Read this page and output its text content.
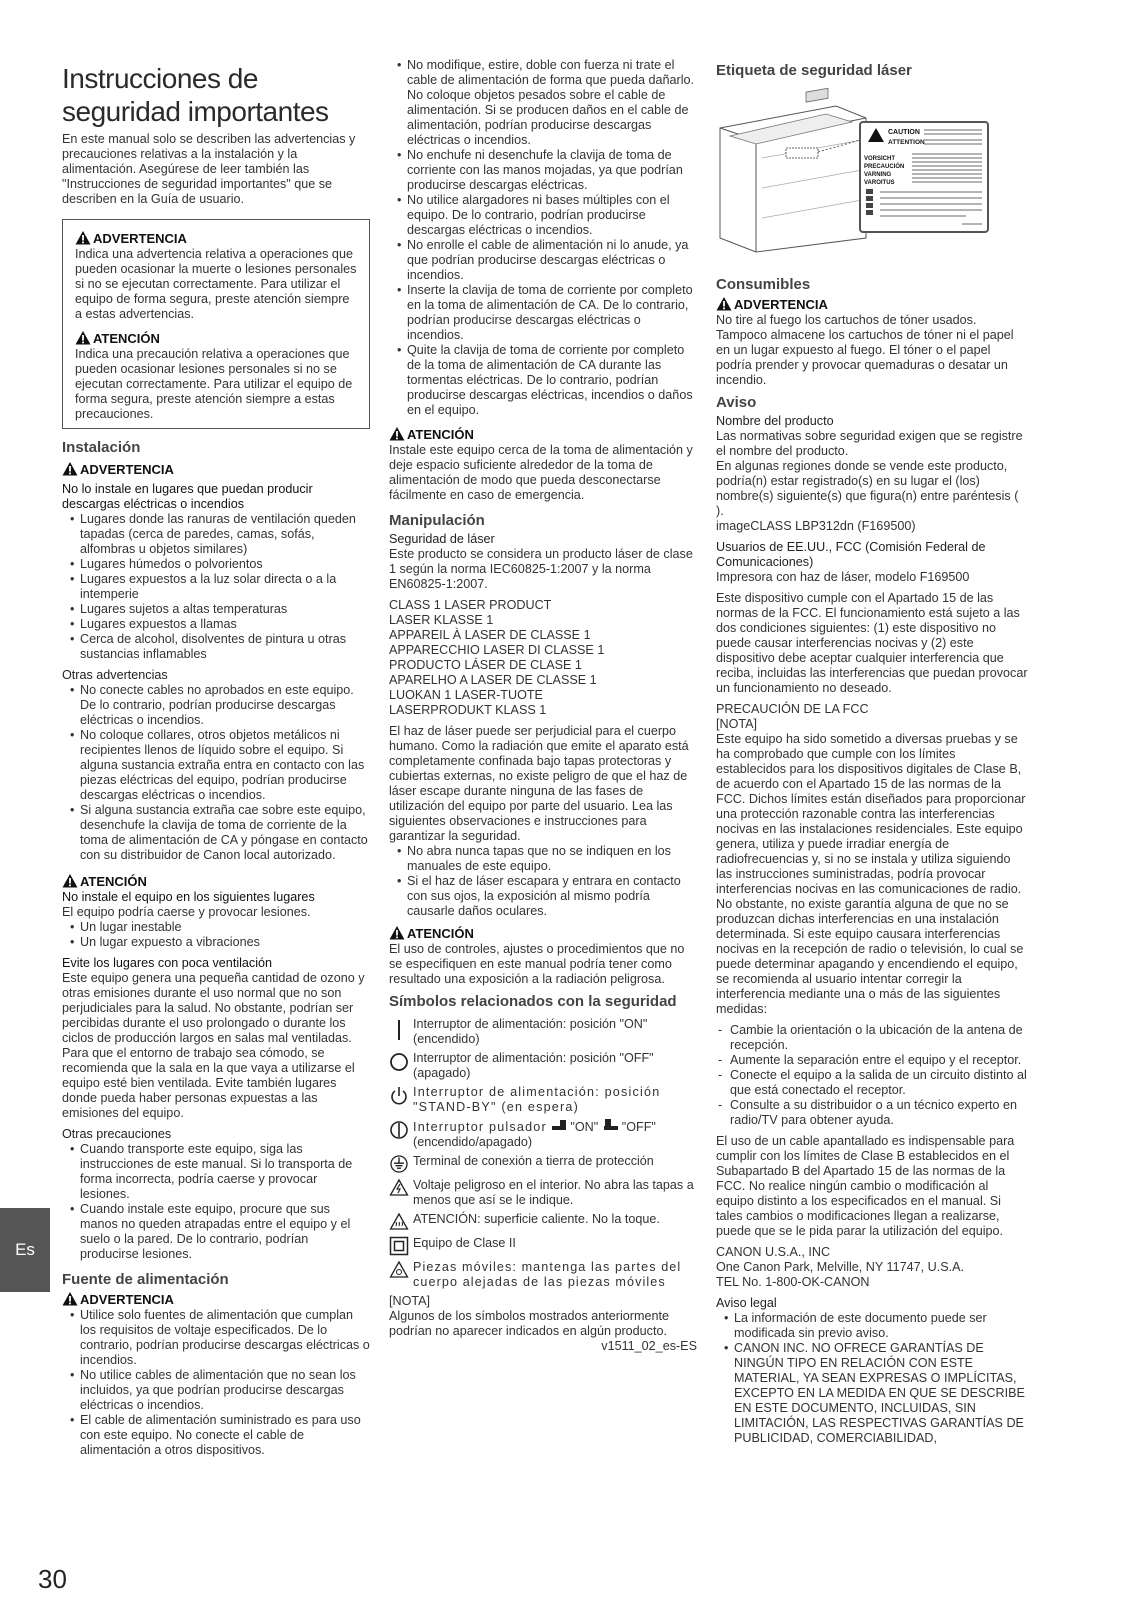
Instrucciones de seguridad importantes

En este manual solo se describen las advertencias y precauciones relativas a la instalación y la alimentación. Asegúrese de leer también las "Instrucciones de seguridad importantes" que se describen en la Guía de usuario.

ADVERTENCIA

Indica una advertencia relativa a operaciones que pueden ocasionar la muerte o lesiones personales si no se ejecutan correctamente. Para utilizar el equipo de forma segura, preste atención siempre a estas advertencias.

ATENCIÓN

Indica una precaución relativa a operaciones que pueden ocasionar lesiones personales si no se ejecutan correctamente. Para utilizar el equipo de forma segura, preste atención siempre a estas precauciones.

Instalación
ADVERTENCIA
No lo instale en lugares que puedan producir descargas eléctricas o incendios
• Lugares donde las ranuras de ventilación queden tapadas (cerca de paredes, camas, sofás, alfombras u objetos similares)
• Lugares húmedos o polvorientos
• Lugares expuestos a la luz solar directa o a la intemperie
• Lugares sujetos a altas temperaturas
• Lugares expuestos a llamas
• Cerca de alcohol, disolventes de pintura u otras sustancias inflamables
Otras advertencias
• No conecte cables no aprobados en este equipo. De lo contrario, podrían producirse descargas eléctricas o incendios.
• No coloque collares, otros objetos metálicos ni recipientes llenos de líquido sobre el equipo. Si alguna sustancia extraña entra en contacto con las piezas eléctricas del equipo, podrían producirse descargas eléctricas o incendios.
• Si alguna sustancia extraña cae sobre este equipo, desenchufe la clavija de toma de corriente de la toma de alimentación de CA y póngase en contacto con su distribuidor de Canon local autorizado.
ATENCIÓN
No instale el equipo en los siguientes lugares

El equipo podría caerse y provocar lesiones.

• Un lugar inestable
• Un lugar expuesto a vibraciones
Evite los lugares con poca ventilación

Este equipo genera una pequeña cantidad de ozono y otras emisiones durante el uso normal que no son perjudiciales para la salud. No obstante, podrían ser percibidas durante el uso prolongado o durante los ciclos de producción largos en salas mal ventiladas. Para que el entorno de trabajo sea cómodo, se recomienda que la sala en la que vaya a utilizarse el equipo esté bien ventilada. Evite también lugares donde pueda haber personas expuestas a las emisiones del equipo.

Otras precauciones
• Cuando transporte este equipo, siga las instrucciones de este manual. Si lo transporta de forma incorrecta, podría caerse y provocar lesiones.
• Cuando instale este equipo, procure que sus manos no queden atrapadas entre el equipo y el suelo o la pared. De lo contrario, podrían producirse lesiones.
Fuente de alimentación
ADVERTENCIA
• Utilice solo fuentes de alimentación que cumplan los requisitos de voltaje especificados. De lo contrario, podrían producirse descargas eléctricas o incendios.
• No utilice cables de alimentación que no sean los incluidos, ya que podrían producirse descargas eléctricas o incendios.
• El cable de alimentación suministrado es para uso con este equipo. No conecte el cable de alimentación a otros dispositivos.
• No modifique, estire, doble con fuerza ni trate el cable de alimentación de forma que pueda dañarlo. No coloque objetos pesados sobre el cable de alimentación. Si se producen daños en el cable de alimentación, podrían producirse descargas eléctricas o incendios.
• No enchufe ni desenchufe la clavija de toma de corriente con las manos mojadas, ya que podrían producirse descargas eléctricas.
• No utilice alargadores ni bases múltiples con el equipo. De lo contrario, podrían producirse descargas eléctricas o incendios.
• No enrolle el cable de alimentación ni lo anude, ya que podrían producirse descargas eléctricas o incendios.
• Inserte la clavija de toma de corriente por completo en la toma de alimentación de CA. De lo contrario, podrían producirse descargas eléctricas o incendios.
• Quite la clavija de toma de corriente por completo de la toma de alimentación de CA durante las tormentas eléctricas. De lo contrario, podrían producirse descargas eléctricas, incendios o daños en el equipo.
ATENCIÓN

Instale este equipo cerca de la toma de alimentación y deje espacio suficiente alrededor de la toma de alimentación de modo que pueda desconectarse fácilmente en caso de emergencia.

Manipulación
Seguridad de láser

Este producto se considera un producto láser de clase 1 según la norma IEC60825-1:2007 y la norma EN60825-1:2007.

CLASS 1 LASER PRODUCT
LASER KLASSE 1
APPAREIL À LASER DE CLASSE 1
APPARECCHIO LASER DI CLASSE 1
PRODUCTO LÁSER DE CLASE 1
APARELHO A LASER DE CLASSE 1
LUOKAN 1 LASER-TUOTE
LASERPRODUKT KLASS 1

El haz de láser puede ser perjudicial para el cuerpo humano. Como la radiación que emite el aparato está completamente confinada bajo tapas protectoras y cubiertas externas, no existe peligro de que el haz de láser escape durante ninguna de las fases de utilización del equipo por parte del usuario. Lea las siguientes observaciones e instrucciones para garantizar la seguridad.

• No abra nunca tapas que no se indiquen en los manuales de este equipo.
• Si el haz de láser escapara y entrara en contacto con sus ojos, la exposición al mismo podría causarle daños oculares.
ATENCIÓN

El uso de controles, ajustes o procedimientos que no se especifiquen en este manual podría tener como resultado una exposición a la radiación peligrosa.

Símbolos relacionados con la seguridad
Interruptor de alimentación: posición "ON" (encendido)
Interruptor de alimentación: posición "OFF" (apagado)
Interruptor de alimentación: posición "STAND-BY" (en espera)
Interruptor pulsador "ON" "OFF"
(encendido/apagado)
Terminal de conexión a tierra de protección
Voltaje peligroso en el interior. No abra las tapas a menos que así se le indique.
ATENCIÓN: superficie caliente. No la toque.
Equipo de Clase II
Piezas móviles: mantenga las partes del cuerpo alejadas de las piezas móviles

[NOTA]

Algunos de los símbolos mostrados anteriormente podrían no aparecer indicados en algún producto.

v1511_02_es-ES

Etiqueta de seguridad láser
CAUTION
ATTENTION
VORSICHT
PRECAUCIÓN
VARNING
VAROITUS
Consumibles
ADVERTENCIA

No tire al fuego los cartuchos de tóner usados. Tampoco almacene los cartuchos de tóner ni el papel en un lugar expuesto al fuego. El tóner o el papel podría prender y provocar quemaduras o desatar un incendio.

Aviso
Nombre del producto

Las normativas sobre seguridad exigen que se registre el nombre del producto.
En algunas regiones donde se vende este producto, podría(n) estar registrado(s) en su lugar el (los) nombre(s) siguiente(s) que figura(n) entre paréntesis ( ).

imageCLASS LBP312dn (F169500)

Usuarios de EE.UU., FCC (Comisión Federal de Comunicaciones)

Impresora con haz de láser, modelo F169500

Este dispositivo cumple con el Apartado 15 de las normas de la FCC. El funcionamiento está sujeto a las dos condiciones siguientes: (1) este dispositivo no puede causar interferencias nocivas y (2) este dispositivo debe aceptar cualquier interferencia que reciba, incluidas las interferencias que puedan provocar un funcionamiento no deseado.

PRECAUCIÓN DE LA FCC

[NOTA]

Este equipo ha sido sometido a diversas pruebas y se ha comprobado que cumple con los límites establecidos para los dispositivos digitales de Clase B, de acuerdo con el Apartado 15 de las normas de la FCC. Dichos límites están diseñados para proporcionar una protección razonable contra las interferencias nocivas en las instalaciones residenciales. Este equipo genera, utiliza y puede irradiar energía de radiofrecuencias y, si no se instala y utiliza siguiendo las instrucciones suministradas, podría provocar interferencias nocivas en las comunicaciones de radio. No obstante, no existe garantía alguna de que no se produzcan dichas interferencias en una instalación determinada. Si este equipo causara interferencias nocivas en la recepción de radio o televisión, lo cual se puede determinar apagando y encendiendo el equipo, se recomienda al usuario intentar corregir la interferencia mediante una o más de las siguientes medidas:

- Cambie la orientación o la ubicación de la antena de recepción.
- Aumente la separación entre el equipo y el receptor.
- Conecte el equipo a la salida de un circuito distinto al que está conectado el receptor.
- Consulte a su distribuidor o a un técnico experto en radio/TV para obtener ayuda.

El uso de un cable apantallado es indispensable para cumplir con los límites de Clase B establecidos en el Subapartado B del Apartado 15 de las normas de la FCC. No realice ningún cambio o modificación al equipo distinto a los especificados en el manual. Si tales cambios o modificaciones llegan a realizarse, puede que se le pida parar la utilización del equipo.

CANON U.S.A., INC
One Canon Park, Melville, NY 11747, U.S.A.
TEL No. 1-800-OK-CANON

Aviso legal
• La información de este documento puede ser modificada sin previo aviso.
• CANON INC. NO OFRECE GARANTÍAS DE NINGÚN TIPO EN RELACIÓN CON ESTE MATERIAL, YA SEAN EXPRESAS O IMPLÍCITAS, EXCEPTO EN LA MEDIDA EN QUE SE DESCRIBE EN ESTE DOCUMENTO, INCLUIDAS, SIN LIMITACIÓN, LAS RESPECTIVAS GARANTÍAS DE PUBLICIDAD, COMERCIABILIDAD,
Es
30
